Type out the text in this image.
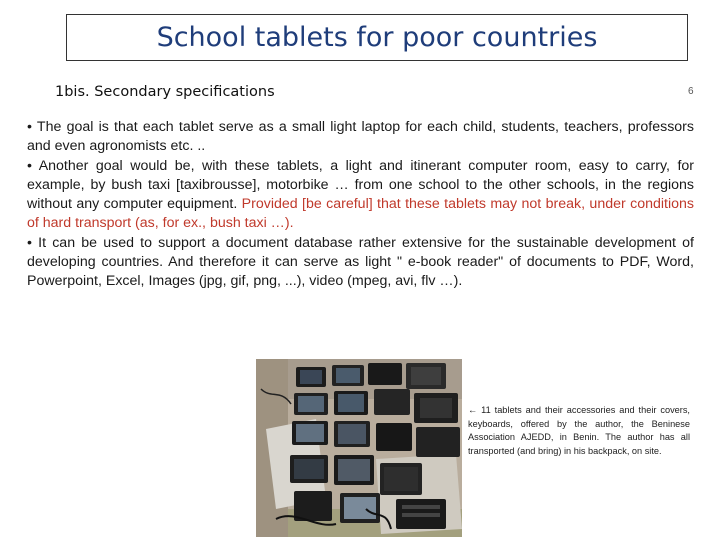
School tablets for poor countries
1bis. Secondary specifications	6

• The goal is that each tablet serve as a small light laptop for each child, students, teachers, professors and even agronomists etc. ..

• Another goal would be, with these tablets, a light and itinerant computer room, easy to carry, for example, by bush taxi [taxibrousse], motorbike … from one school to the other schools, in the regions without any computer equipment. Provided [be careful] that these tablets may not break, under conditions of hard transport (as, for ex., bush taxi …).

• It can be used to support a document database rather extensive for the sustainable development of developing countries. And therefore it can serve as light " e-book reader" of documents to PDF, Word, Powerpoint, Excel, Images (jpg, gif, png, ...), video (mpeg, avi, flv …).

← 11 tablets and their accessories and their covers, keyboards, offered by the author, the Beninese Association AJEDD, in Benin. The author has all transported (and bring) in his backpack, on site.
